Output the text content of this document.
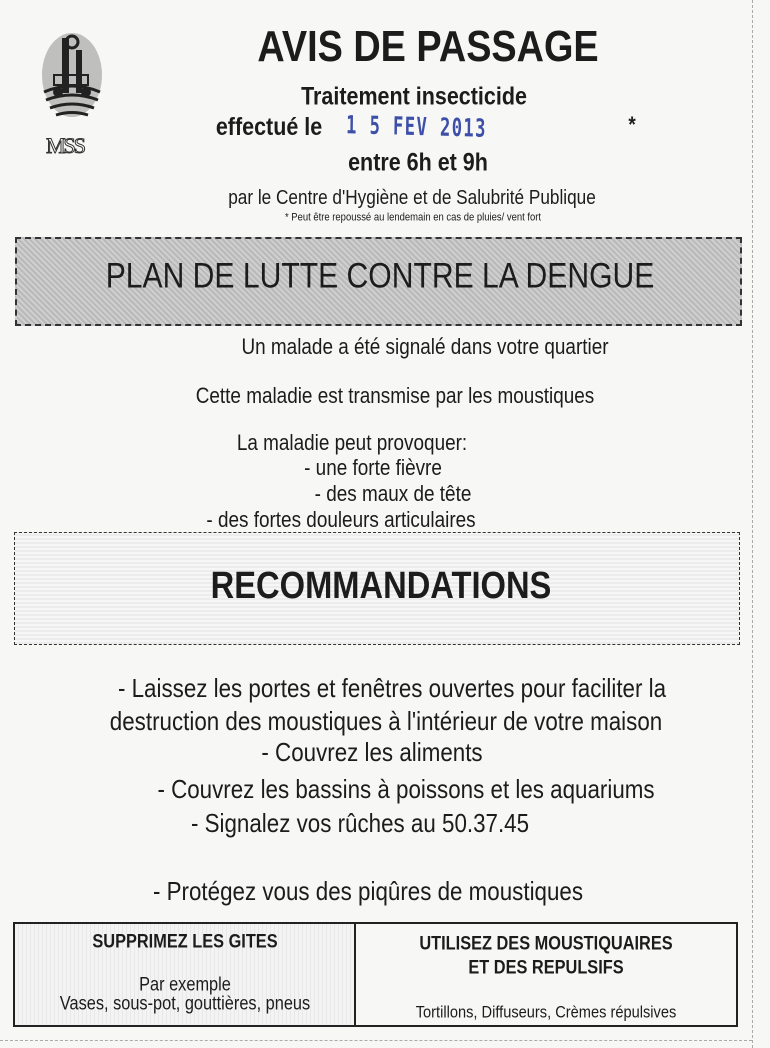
MSS
AVIS DE PASSAGE
Traitement insecticide
effectué le 1 5 FEV 2013	*
entre 6h et 9h
par le Centre d'Hygiène et de Salubrité Publique
* Peut être repoussé au lendemain en cas de pluies/ vent fort
PLAN DE LUTTE CONTRE LA DENGUE
Un malade a été signalé dans votre quartier
Cette maladie est transmise par les moustiques
La maladie peut provoquer:
- une forte fièvre
- des maux de tête
- des fortes douleurs articulaires
RECOMMANDATIONS
- Laissez les portes et fenêtres ouvertes pour faciliter la
destruction des moustiques à l'intérieur de votre maison
- Couvrez les aliments
- Couvrez les bassins à poissons et les aquariums
- Signalez vos rûches au 50.37.45
- Protégez vous des piqûres de moustiques
SUPPRIMEZ LES GITES
Par exemple
Vases, sous-pot, gouttières, pneus
UTILISEZ DES MOUSTIQUAIRES
ET DES REPULSIFS
Tortillons, Diffuseurs, Crèmes répulsives
